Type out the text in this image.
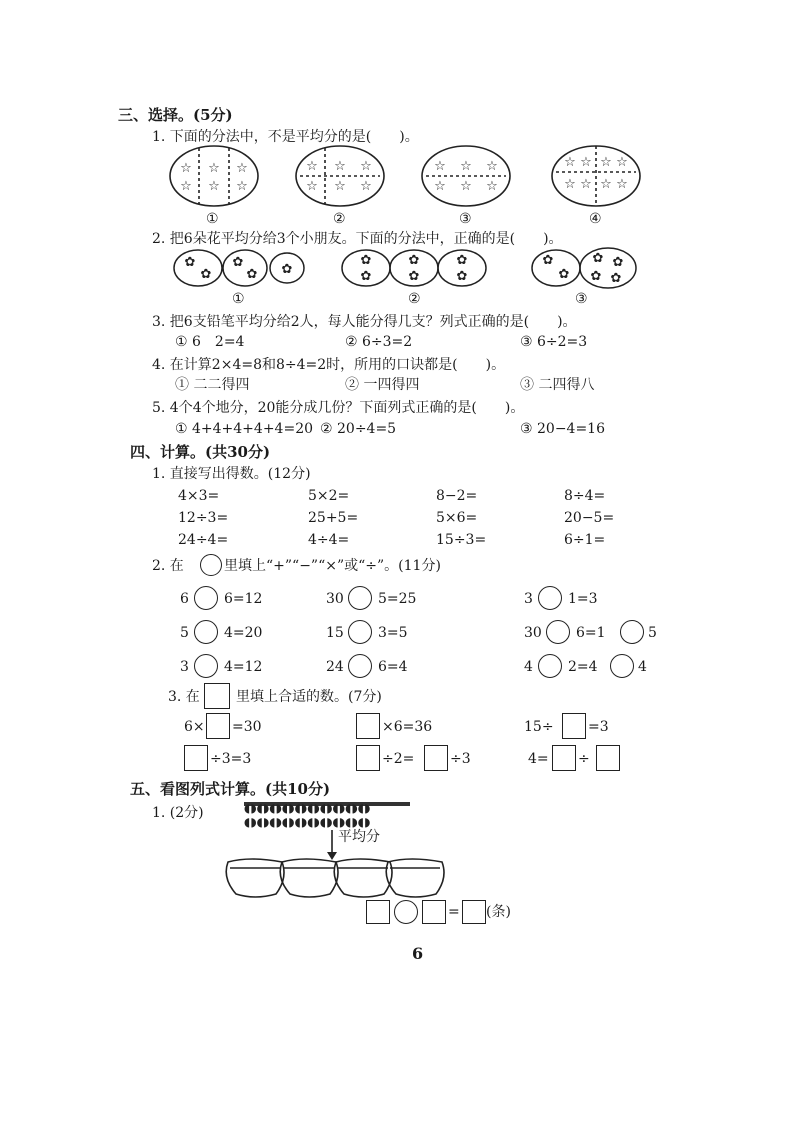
三、选择。(5分)
1. 下面的分法中，不是平均分的是(　　)。
☆ ☆ ☆
☆ ☆ ☆
☆ ☆ ☆
☆ ☆ ☆
☆ ☆ ☆
☆ ☆ ☆
☆ ☆ ☆ ☆
☆ ☆ ☆ ☆
①	②	③	④
2. 把6朵花平均分给3个小朋友。下面的分法中，正确的是(　　)。
✿
✿
✿
✿ ✿
✿
✿
✿
✿
✿
✿
✿
✿
✿ ✿
✿ ✿
①	②	③
3. 把6支铅笔平均分给2人，每人能分得几支？列式正确的是(　　)。
① 6　2=4	② 6÷3=2	③ 6÷2=3
4. 在计算2×4=8和8÷4=2时，所用的口诀都是(　　)。
① 二二得四	② 一四得四	③ 二四得八
5. 4个4个地分，20能分成几份？下面列式正确的是(　　)。
① 4+4+4+4+4=20 ② 20÷4=5	③ 20−4=16
四、计算。(共30分)
1. 直接写出得数。(12分)
4×3=	5×2=	8−2=	8÷4=
12÷3=	25+5=	5×6=	20−5=
24÷4=	4÷4=	15÷3=	6÷1=
2. 在	里填上“+”“−”“×”或“÷”。(11分)
6	6=12	30 5=25	3	1=3
5	4=20	15 3=5	30 6=1	5
3	4=12	24 6=4	4	2=4	4
3. 在	里填上合适的数。(7分)
6× =30	×6=36	15÷ =3
÷3=3	÷2=	÷3	4= ÷
五、看图列式计算。(共10分)
1. (2分)	◖◗◖◗◖◗◖◗◖◗◖◗◖◗◖◗◖◗◖◗
◖◗◖◗◖◗◖◗◖◗◖◗◖◗◖◗◖◗◖◗
平均分
= (条)
6
